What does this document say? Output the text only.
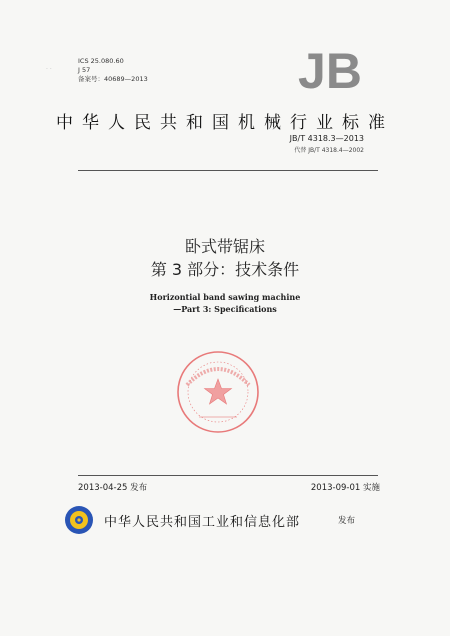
· ·
ICS 25.080.60
J 57
备案号：40689—2013	JB
中华人民共和国机械行业标准
JB/T 4318.3—2013
代替 JB/T 4318.4—2002
卧式带锯床
第 3 部分：技术条件
Horizontial band sawing machine
—Part 3: Specifications
2013-04-25 发布	2013-09-01 实施
中华人民共和国工业和信息化部	发布
